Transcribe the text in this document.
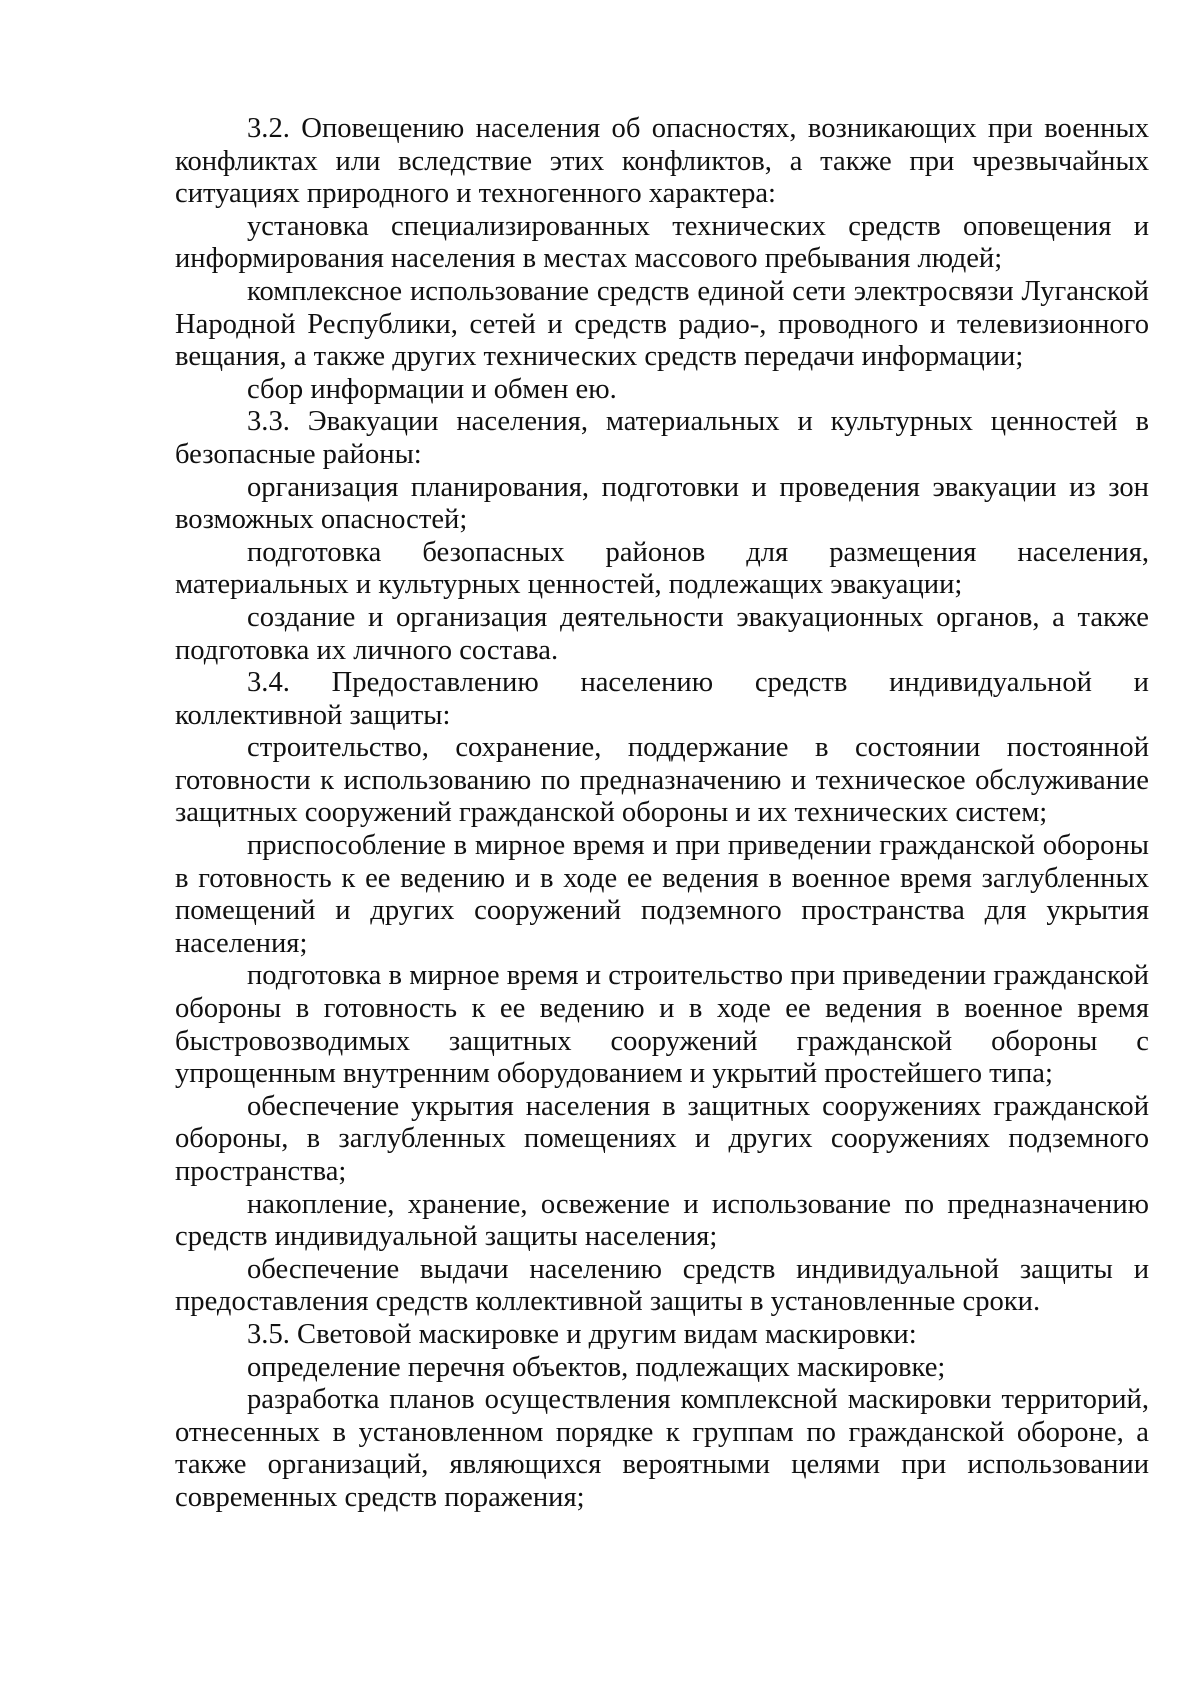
3.2. Оповещению населения об опасностях, возникающих при военных конфликтах или вследствие этих конфликтов, а также при чрезвычайных ситуациях природного и техногенного характера:

установка специализированных технических средств оповещения и информирования населения в местах массового пребывания людей;

комплексное использование средств единой сети электросвязи Луганской Народной Республики, сетей и средств радио-, проводного и телевизионного вещания, а также других технических средств передачи информации;

сбор информации и обмен ею.

3.3. Эвакуации населения, материальных и культурных ценностей в безопасные районы:

организация планирования, подготовки и проведения эвакуации из зон возможных опасностей;

подготовка безопасных районов для размещения населения, материальных и культурных ценностей, подлежащих эвакуации;

создание и организация деятельности эвакуационных органов, а также подготовка их личного состава.

3.4. Предоставлению населению средств индивидуальной и коллективной защиты:

строительство, сохранение, поддержание в состоянии постоянной готовности к использованию по предназначению и техническое обслуживание защитных сооружений гражданской обороны и их технических систем;

приспособление в мирное время и при приведении гражданской обороны в готовность к ее ведению и в ходе ее ведения в военное время заглубленных помещений и других сооружений подземного пространства для укрытия населения;

подготовка в мирное время и строительство при приведении гражданской обороны в готовность к ее ведению и в ходе ее ведения в военное время быстровозводимых защитных сооружений гражданской обороны с упрощенным внутренним оборудованием и укрытий простейшего типа;

обеспечение укрытия населения в защитных сооружениях гражданской обороны, в заглубленных помещениях и других сооружениях подземного пространства;

накопление, хранение, освежение и использование по предназначению средств индивидуальной защиты населения;

обеспечение выдачи населению средств индивидуальной защиты и предоставления средств коллективной защиты в установленные сроки.

3.5. Световой маскировке и другим видам маскировки:

определение перечня объектов, подлежащих маскировке;

разработка планов осуществления комплексной маскировки территорий, отнесенных в установленном порядке к группам по гражданской обороне, а также организаций, являющихся вероятными целями при использовании современных средств поражения;
